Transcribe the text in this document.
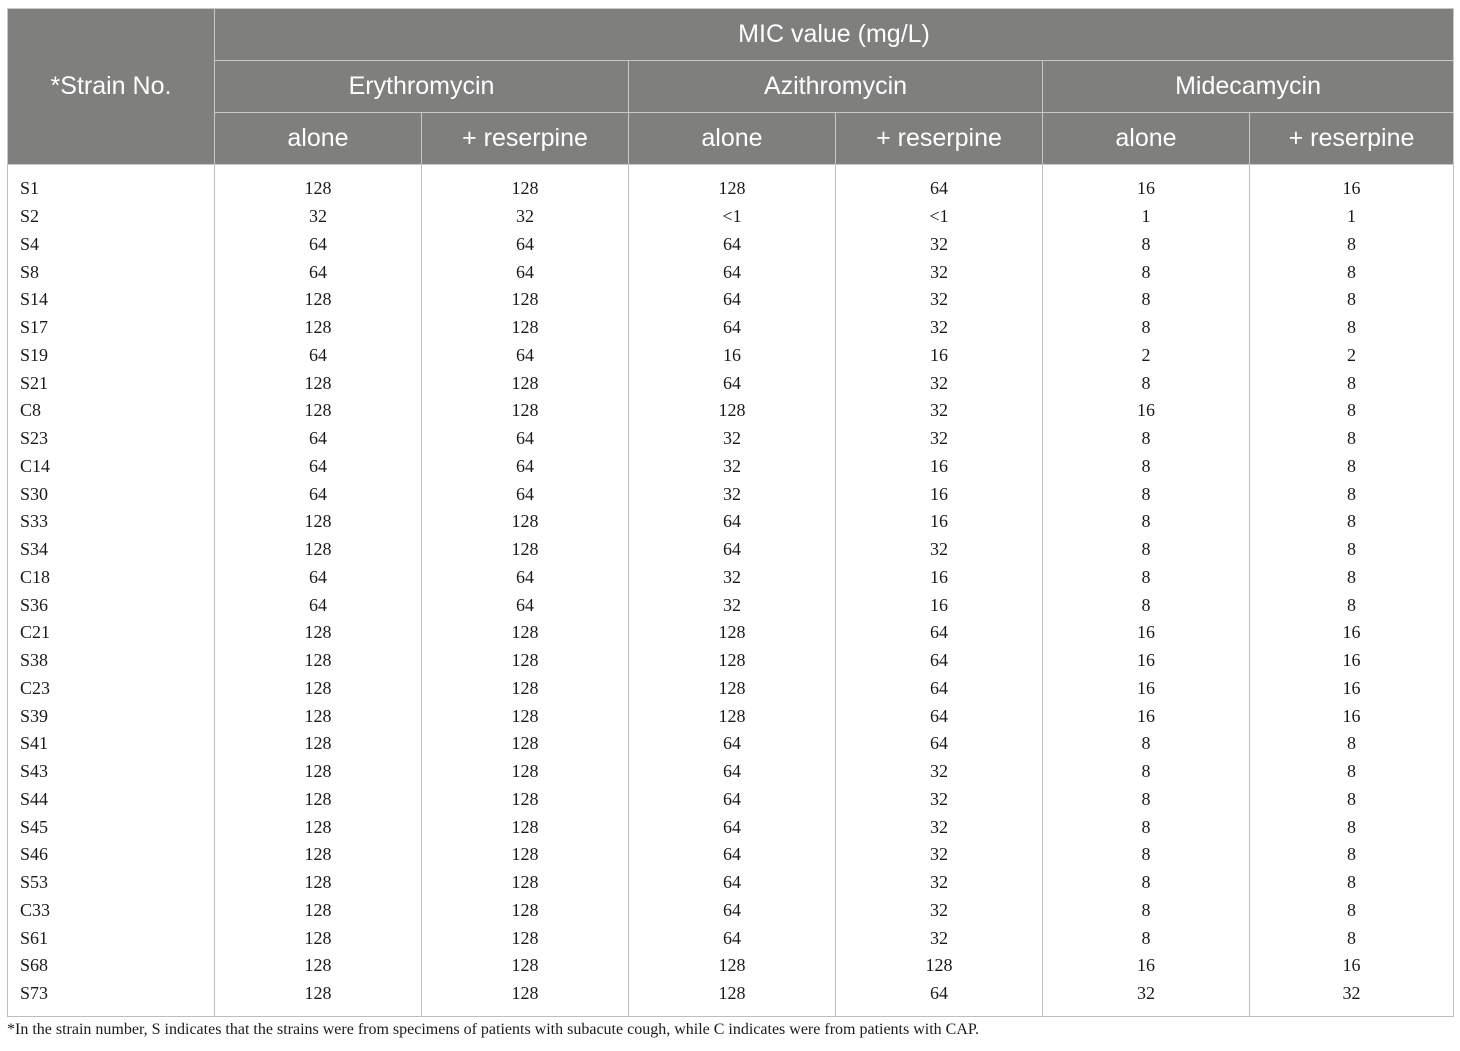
*Strain No.	MIC value (mg/L)					
	Erythromycin		Azithromycin		Midecamycin	
	alone	+ reserpine	alone	+ reserpine	alone	+ reserpine
S1	128	128	128	64	16	16
S2	32	32	<1	<1	1	1
S4	64	64	64	32	8	8
S8	64	64	64	32	8	8
S14	128	128	64	32	8	8
S17	128	128	64	32	8	8
S19	64	64	16	16	2	2
S21	128	128	64	32	8	8
C8	128	128	128	32	16	8
S23	64	64	32	32	8	8
C14	64	64	32	16	8	8
S30	64	64	32	16	8	8
S33	128	128	64	16	8	8
S34	128	128	64	32	8	8
C18	64	64	32	16	8	8
S36	64	64	32	16	8	8
C21	128	128	128	64	16	16
S38	128	128	128	64	16	16
C23	128	128	128	64	16	16
S39	128	128	128	64	16	16
S41	128	128	64	64	8	8
S43	128	128	64	32	8	8
S44	128	128	64	32	8	8
S45	128	128	64	32	8	8
S46	128	128	64	32	8	8
S53	128	128	64	32	8	8
C33	128	128	64	32	8	8
S61	128	128	64	32	8	8
S68	128	128	128	128	16	16
S73	128	128	128	64	32	32
*In the strain number, S indicates that the strains were from specimens of patients with subacute cough, while C indicates were from patients with CAP.
